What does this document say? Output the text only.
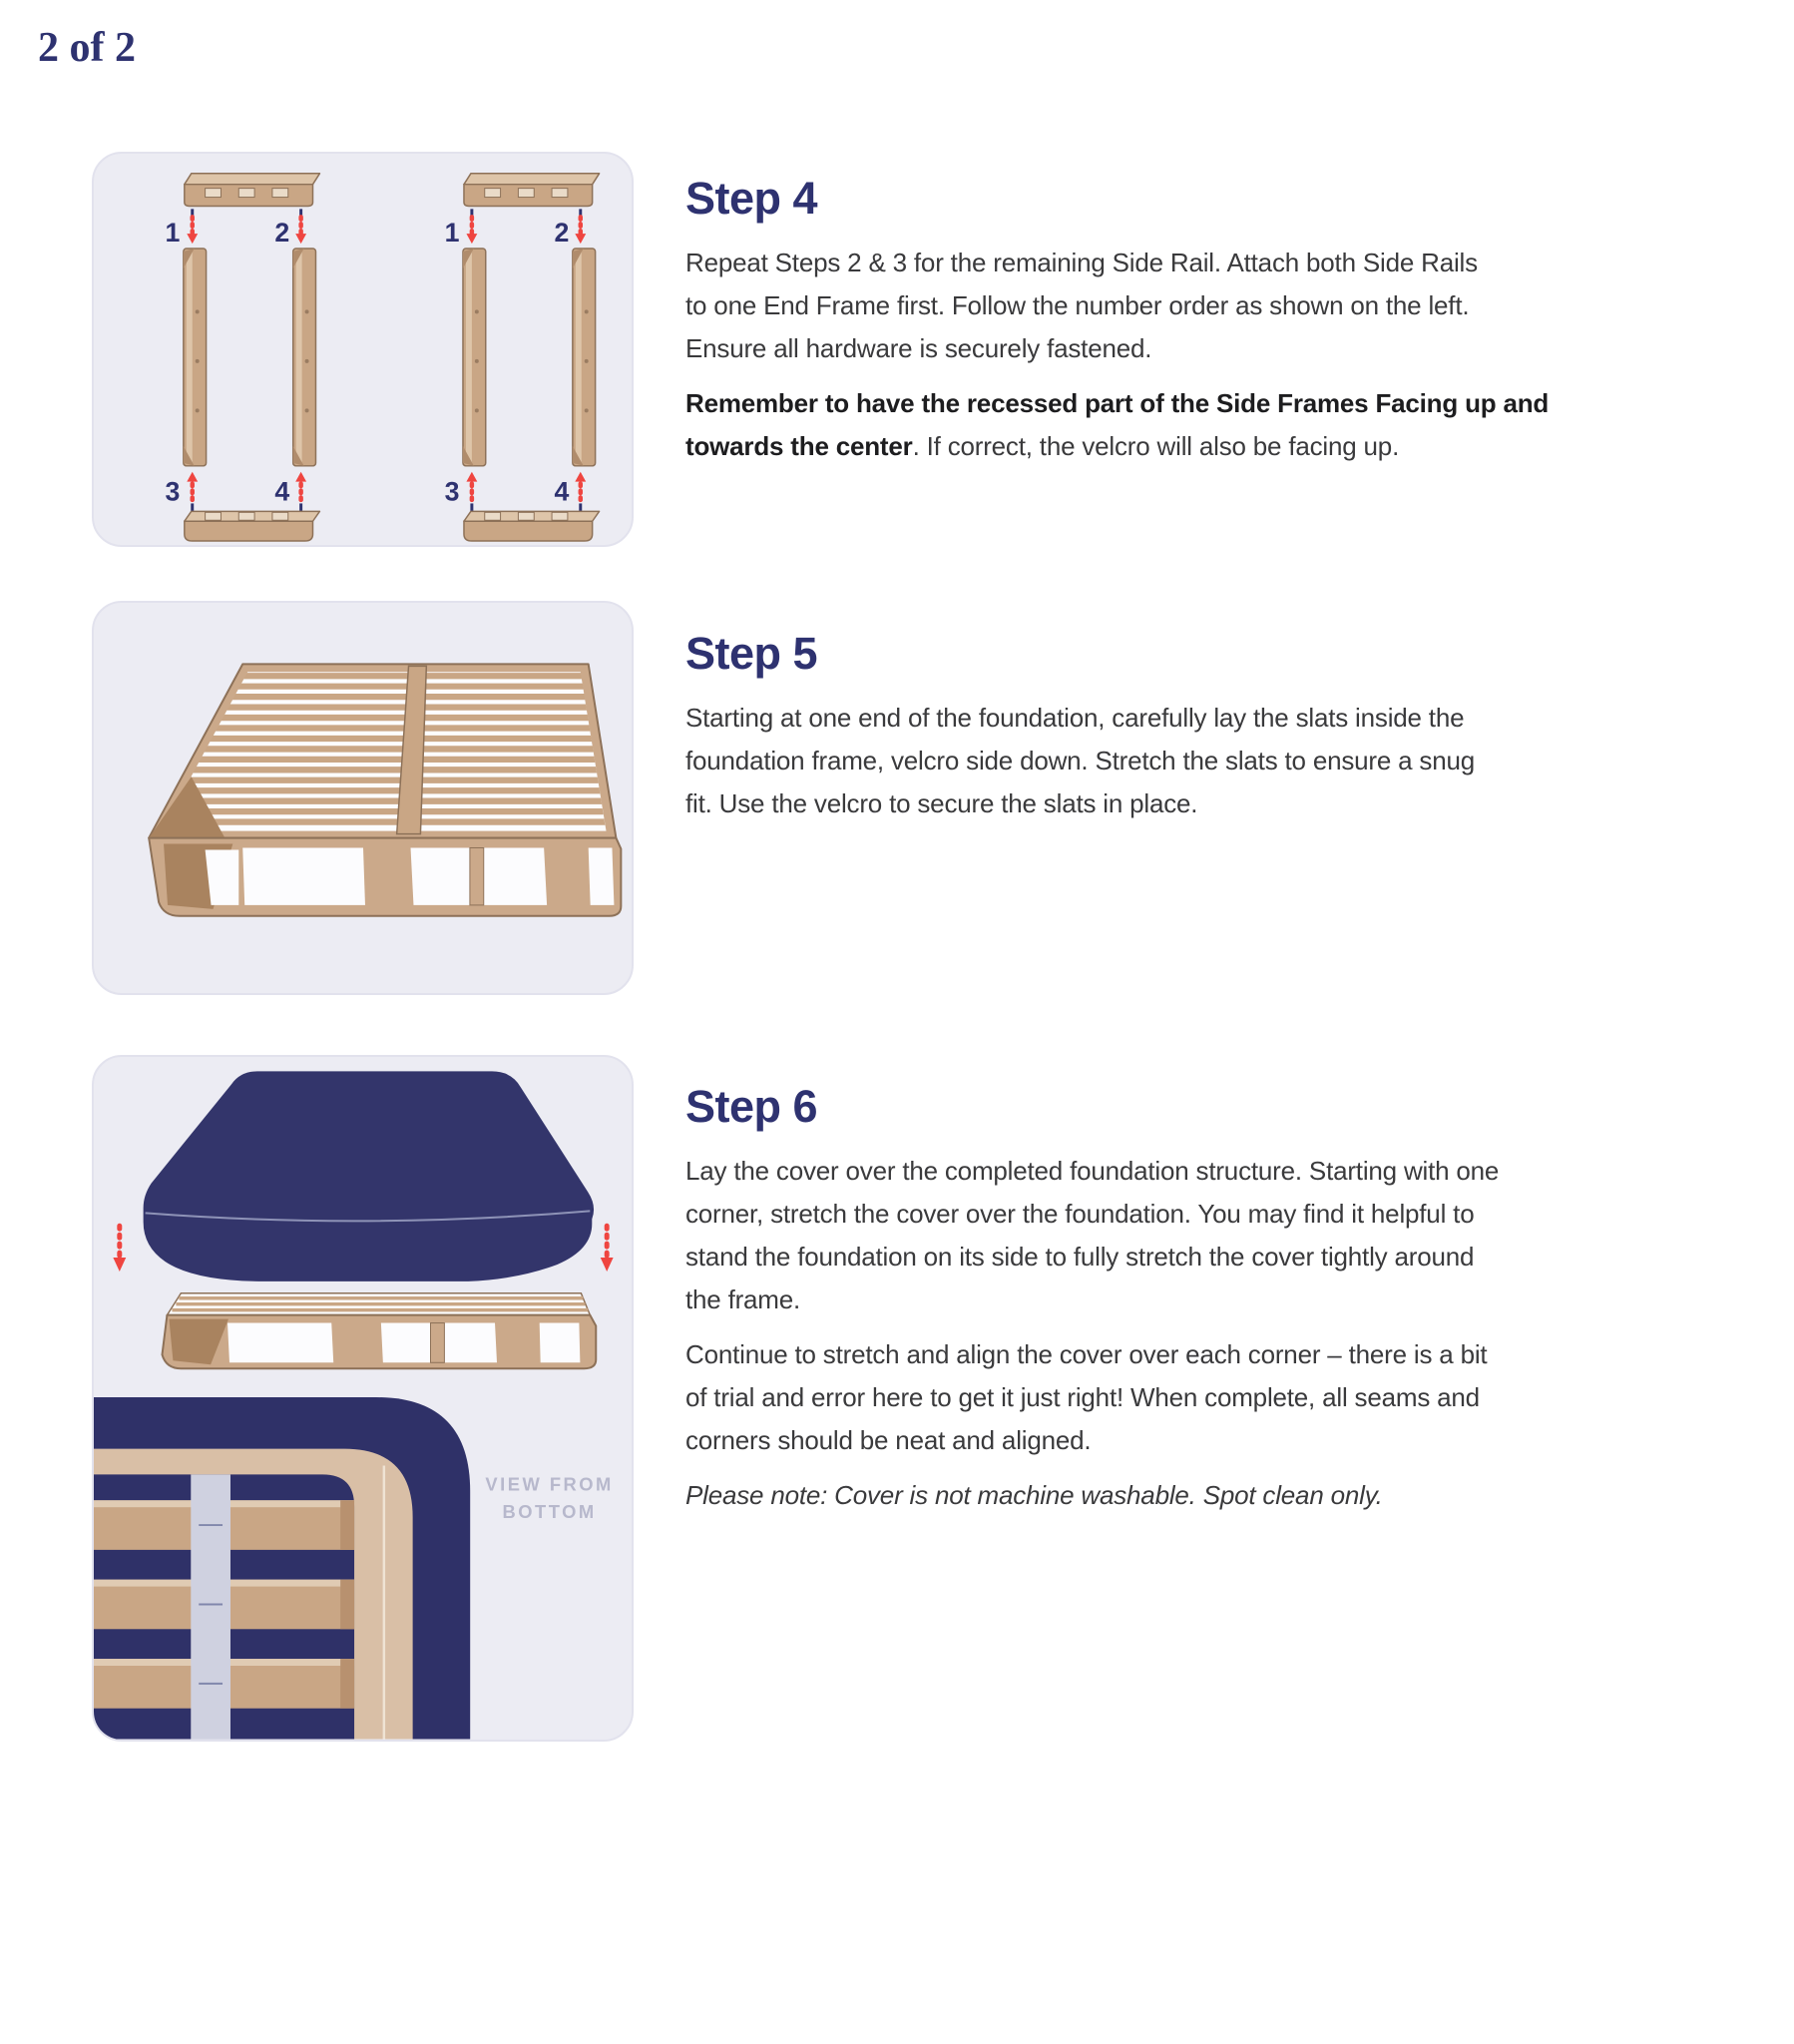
2 of 2
VIEW FROM
BOTTOM
Step 4
Repeat Steps 2 & 3 for the remaining Side Rail. Attach both Side Rails
to one End Frame first. Follow the number order as shown on the left.
Ensure all hardware is securely fastened.
Remember to have the recessed part of the Side Frames Facing up and towards the center. If correct, the velcro will also be facing up.
Step 5
Starting at one end of the foundation, carefully lay the slats inside the
foundation frame, velcro side down. Stretch the slats to ensure a snug
fit. Use the velcro to secure the slats in place.
Step 6
Lay the cover over the completed foundation structure. Starting with one
corner, stretch the cover over the foundation. You may find it helpful to
stand the foundation on its side to fully stretch the cover tightly around
the frame.
Continue to stretch and align the cover over each corner – there is a bit
of trial and error here to get it just right! When complete, all seams and
corners should be neat and aligned.
Please note: Cover is not machine washable. Spot clean only.
